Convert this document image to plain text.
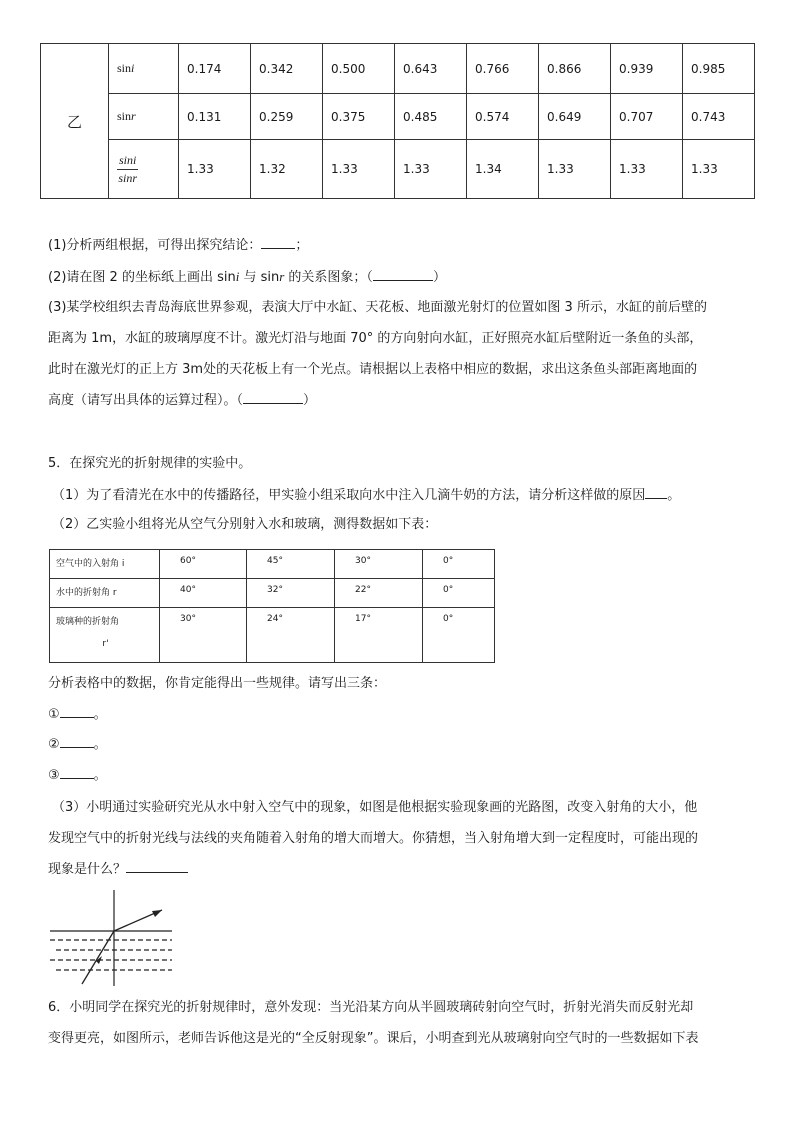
乙	sini	0.174	0.342	0.500	0.643	0.766	0.866	0.939	0.985
	sinr	0.131	0.259	0.375	0.485	0.574	0.649	0.707	0.743

	$\frac{\sin i}{\sin r}$	1.33	1.32	1.33	1.33	1.34	1.33	1.33	1.33
(1)分析两组根据，可得出探究结论：	；
(2)请在图 2 的坐标纸上画出 sini 与 sinr 的关系图象；（	）
(3)某学校组织去青岛海底世界参观，表演大厅中水缸、天花板、地面激光射灯的位置如图 3 所示，水缸的前后壁的
距离为 1m，水缸的玻璃厚度不计。激光灯沿与地面 70° 的方向射向水缸，正好照亮水缸后壁附近一条鱼的头部，
此时在激光灯的正上方 3m处的天花板上有一个光点。请根据以上表格中相应的数据，求出这条鱼头部距离地面的
高度（请写出具体的运算过程）。（	）
5．在探究光的折射规律的实验中。
（1）为了看清光在水中的传播路径，甲实验小组采取向水中注入几滴牛奶的方法，请分析这样做的原因 。
（2）乙实验小组将光从空气分别射入水和玻璃，测得数据如下表：
空气中的入射角 i	60°	45°	30°	0°
水中的折射角 r	40°	32°	22°	0°

玻璃种的折射角
r'	30°	24°	17°	0°
分析表格中的数据，你肯定能得出一些规律。请写出三条：
①	。
②	。
③	。
（3）小明通过实验研究光从水中射入空气中的现象，如图是他根据实验现象画的光路图，改变入射角的大小，他
发现空气中的折射光线与法线的夹角随着入射角的增大而增大。你猜想，当入射角增大到一定程度时，可能出现的
现象是什么？
6．小明同学在探究光的折射规律时，意外发现：当光沿某方向从半圆玻璃砖射向空气时，折射光消失而反射光却
变得更亮，如图所示，老师告诉他这是光的“全反射现象”。课后，小明查到光从玻璃射向空气时的一些数据如下表
